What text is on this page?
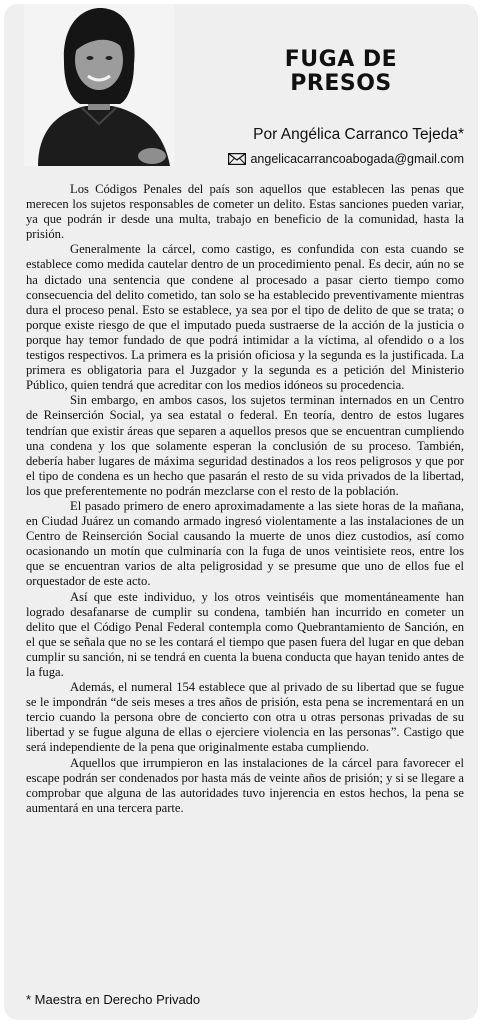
FUGA DE
PRESOS
Por Angélica Carranco Tejeda*
angelicacarrancoabogada@gmail.com

Los Códigos Penales del país son aquellos que establecen las penas que merecen los sujetos responsables de cometer un delito. Estas sanciones pueden variar, ya que podrán ir desde una multa, trabajo en beneficio de la comunidad, hasta la prisión.

Generalmente la cárcel, como castigo, es confundida con esta cuando se establece como medida cautelar dentro de un procedimiento penal. Es decir, aún no se ha dictado una sentencia que condene al procesado a pasar cierto tiempo como consecuencia del delito cometido, tan solo se ha establecido preventivamente mientras dura el proceso penal. Esto se establece, ya sea por el tipo de delito de que se trata; o porque existe riesgo de que el imputado pueda sustraerse de la acción de la justicia o porque hay temor fundado de que podrá intimidar a la víctima, al ofendido o a los testigos respectivos. La primera es la prisión oficiosa y la segunda es la justificada. La primera es obligatoria para el Juzgador y la segunda es a petición del Ministerio Público, quien tendrá que acreditar con los medios idóneos su procedencia.

Sin embargo, en ambos casos, los sujetos terminan internados en un Centro de Reinserción Social, ya sea estatal o federal. En teoría, dentro de estos lugares tendrían que existir áreas que separen a aquellos presos que se encuentran cumpliendo una condena y los que solamente esperan la conclusión de su proceso. También, debería haber lugares de máxima seguridad destinados a los reos peligrosos y que por el tipo de condena es un hecho que pasarán el resto de su vida privados de la libertad, los que preferentemente no podrán mezclarse con el resto de la población.

El pasado primero de enero aproximadamente a las siete horas de la mañana, en Ciudad Juárez un comando armado ingresó violentamente a las instalaciones de un Centro de Reinserción Social causando la muerte de unos diez custodios, así como ocasionando un motín que culminaría con la fuga de unos veintisiete reos, entre los que se encuentran varios de alta peligrosidad y se presume que uno de ellos fue el orquestador de este acto.

Así que este individuo, y los otros veintiséis que momentáneamente han logrado desafanarse de cumplir su condena, también han incurrido en cometer un delito que el Código Penal Federal contempla como Quebrantamiento de Sanción, en el que se señala que no se les contará el tiempo que pasen fuera del lugar en que deban cumplir su sanción, ni se tendrá en cuenta la buena conducta que hayan tenido antes de la fuga.

Además, el numeral 154 establece que al privado de su libertad que se fugue se le impondrán “de seis meses a tres años de prisión, esta pena se incrementará en un tercio cuando la persona obre de concierto con otra u otras personas privadas de su libertad y se fugue alguna de ellas o ejerciere violencia en las personas”. Castigo que será independiente de la pena que originalmente estaba cumpliendo.

Aquellos que irrumpieron en las instalaciones de la cárcel para favorecer el escape podrán ser condenados por hasta más de veinte años de prisión; y si se llegare a comprobar que alguna de las autoridades tuvo injerencia en estos hechos, la pena se aumentará en una tercera parte.

* Maestra en Derecho Privado
